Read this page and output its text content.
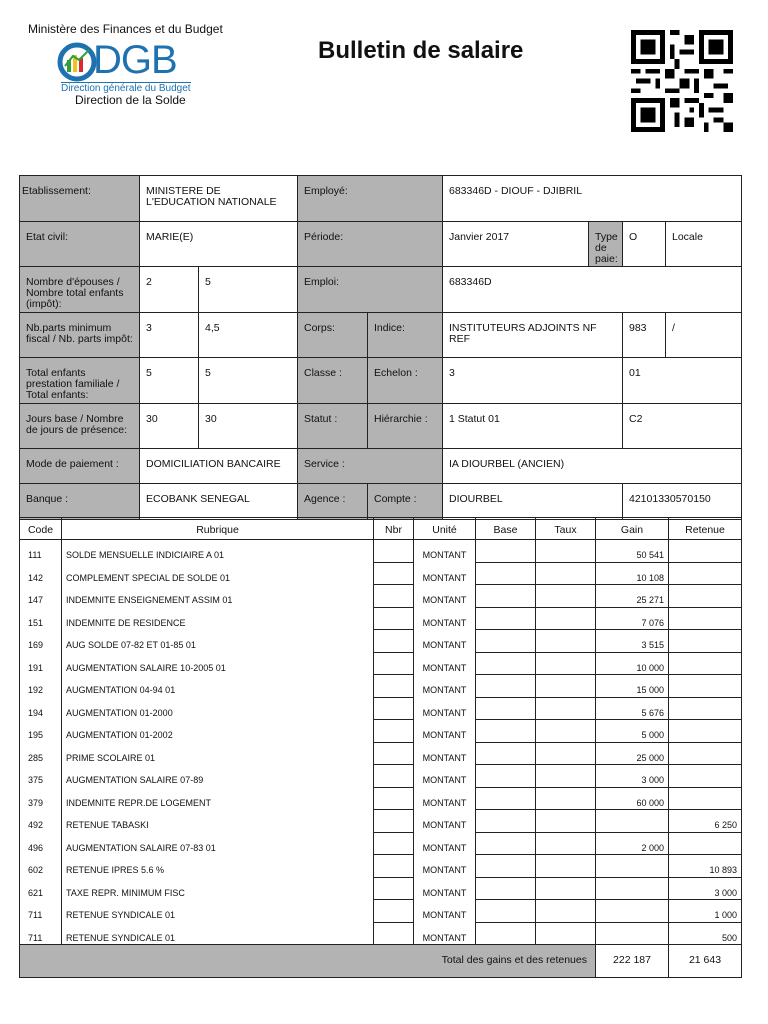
Ministère des Finances et du Budget
DGB
Direction générale du Budget
Direction de la Solde
Bulletin de salaire
Etablissement:	MINISTERE DE L'EDUCATION NATIONALE		Employé:		683346D - DIOUF - DJIBRIL			
Etat civil:	MARIE(E)		Période:		Janvier 2017	Type de paie:	O	Locale
Nombre d'épouses / Nombre total enfants (impôt):	2	5	Emploi:		683346D			
Nb.parts minimum fiscal / Nb. parts impôt:	3	4,5	Corps:	Indice:	INSTITUTEURS ADJOINTS NF REF		983	/
Total enfants prestation familiale / Total enfants:	5	5	Classe :	Echelon :	3		01	
Jours base / Nombre de jours de présence:	30	30	Statut :	Hiérarchie :	1 Statut 01		C2	
Mode de paiement :	DOMICILIATION BANCAIRE		Service :		IA DIOURBEL (ANCIEN)			
Banque :	ECOBANK SENEGAL		Agence :	Compte :	DIOURBEL		42101330570150	
Code	Rubrique	Nbr	Unité	Base	Taux	Gain	Retenue
111	SOLDE MENSUELLE INDICIAIRE A 01		MONTANT			50 541	
142	COMPLEMENT SPECIAL DE SOLDE 01		MONTANT			10 108	
147	INDEMNITE ENSEIGNEMENT ASSIM 01		MONTANT			25 271	
151	INDEMNITE DE RESIDENCE		MONTANT			7 076	
169	AUG SOLDE 07-82 ET 01-85 01		MONTANT			3 515	
191	AUGMENTATION SALAIRE 10-2005 01		MONTANT			10 000	
192	AUGMENTATION 04-94 01		MONTANT			15 000	
194	AUGMENTATION 01-2000		MONTANT			5 676	
195	AUGMENTATION 01-2002		MONTANT			5 000	
285	PRIME SCOLAIRE 01		MONTANT			25 000	
375	AUGMENTATION SALAIRE 07-89		MONTANT			3 000	
379	INDEMNITE REPR.DE LOGEMENT		MONTANT			60 000	
492	RETENUE TABASKI		MONTANT				6 250
496	AUGMENTATION SALAIRE 07-83 01		MONTANT			2 000	
602	RETENUE IPRES 5.6 %		MONTANT				10 893
621	TAXE REPR. MINIMUM FISC		MONTANT				3 000
711	RETENUE SYNDICALE 01		MONTANT				1 000
711	RETENUE SYNDICALE 01		MONTANT				500
Total des gains et des retenues						222 187	21 643
